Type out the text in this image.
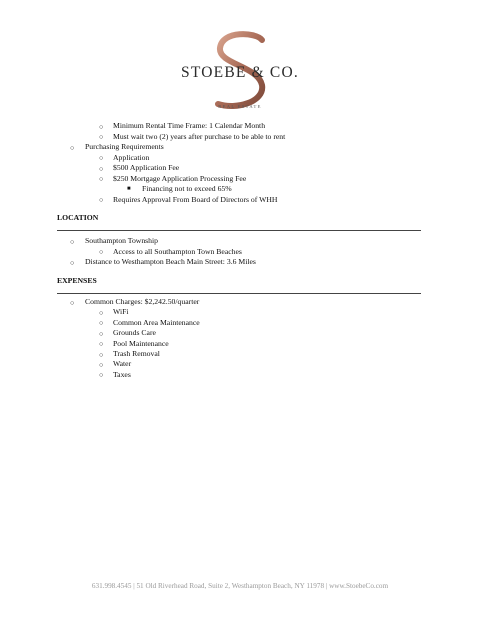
STOEBE & CO.
REAL ESTATE
○ Minimum Rental Time Frame: 1 Calendar Month
○ Must wait two (2) years after purchase to be able to rent
○ Purchasing Requirements
○ Application
○ $500 Application Fee
○ $250 Mortgage Application Processing Fee
■ Financing not to exceed 65%
○ Requires Approval From Board of Directors of WHH
LOCATION
○ Southampton Township
○ Access to all Southampton Town Beaches
○ Distance to Westhampton Beach Main Street: 3.6 Miles
EXPENSES
○ Common Charges: $2,242.50/quarter
○ WiFi
○ Common Area Maintenance
○ Grounds Care
○ Pool Maintenance
○ Trash Removal
○ Water
○ Taxes
631.998.4545 | 51 Old Riverhead Road, Suite 2, Westhampton Beach, NY 11978 | www.StoebeCo.com
